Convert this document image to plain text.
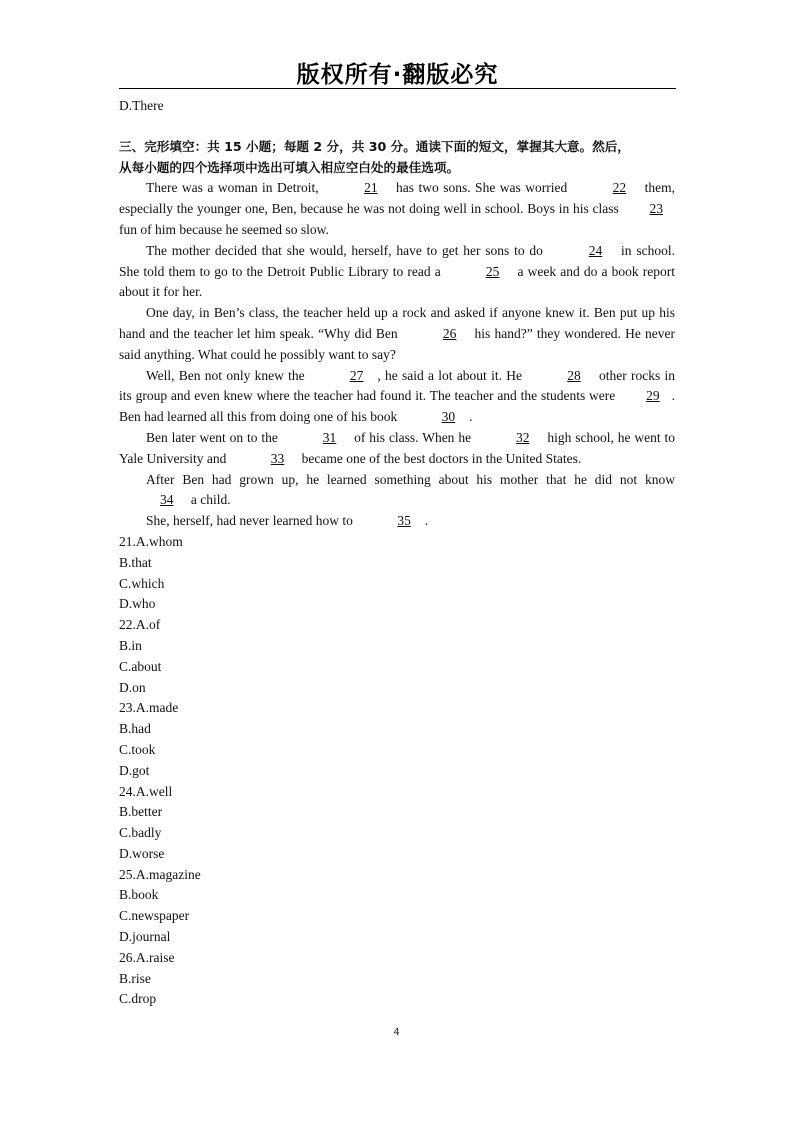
版权所有·翻版必究

D.There

三、完形填空：共 15 小题；每题 2 分，共 30 分。通读下面的短文，掌握其大意。然后，

从每小题的四个选择项中选出可填入相应空白处的最佳选项。

There was a woman in Detroit,	21 has two sons. She was worried	22 them, especially the younger one, Ben, because he was not doing well in school. Boys in his class 23 fun of him because he seemed so slow.

The mother decided that she would, herself, have to get her sons to do	24 in school. She told them to go to the Detroit Public Library to read a	25 a week and do a book report about it for her.

One day, in Ben’s class, the teacher held up a rock and asked if anyone knew it. Ben put up his hand and the teacher let him speak. “Why did Ben	26 his hand?” they wondered. He never said anything. What could he possibly want to say?

Well, Ben not only knew the	27 , he said a lot about it. He	28 other rocks in its group and even knew where the teacher had found it. The teacher and the students were 29 . Ben had learned all this from doing one of his book	30 .

Ben later went on to the	31 of his class. When he	32 high school, he went to Yale University and	33 became one of the best doctors in the United States.

After Ben had grown up, he learned something about his mother that he did not know 34 a child.

She, herself, had never learned how to	35 .

21.A.whom

B.that

C.which

D.who

22.A.of

B.in

C.about

D.on

23.A.made

B.had

C.took

D.got

24.A.well

B.better

C.badly

D.worse

25.A.magazine

B.book

C.newspaper

D.journal

26.A.raise

B.rise

C.drop

4
